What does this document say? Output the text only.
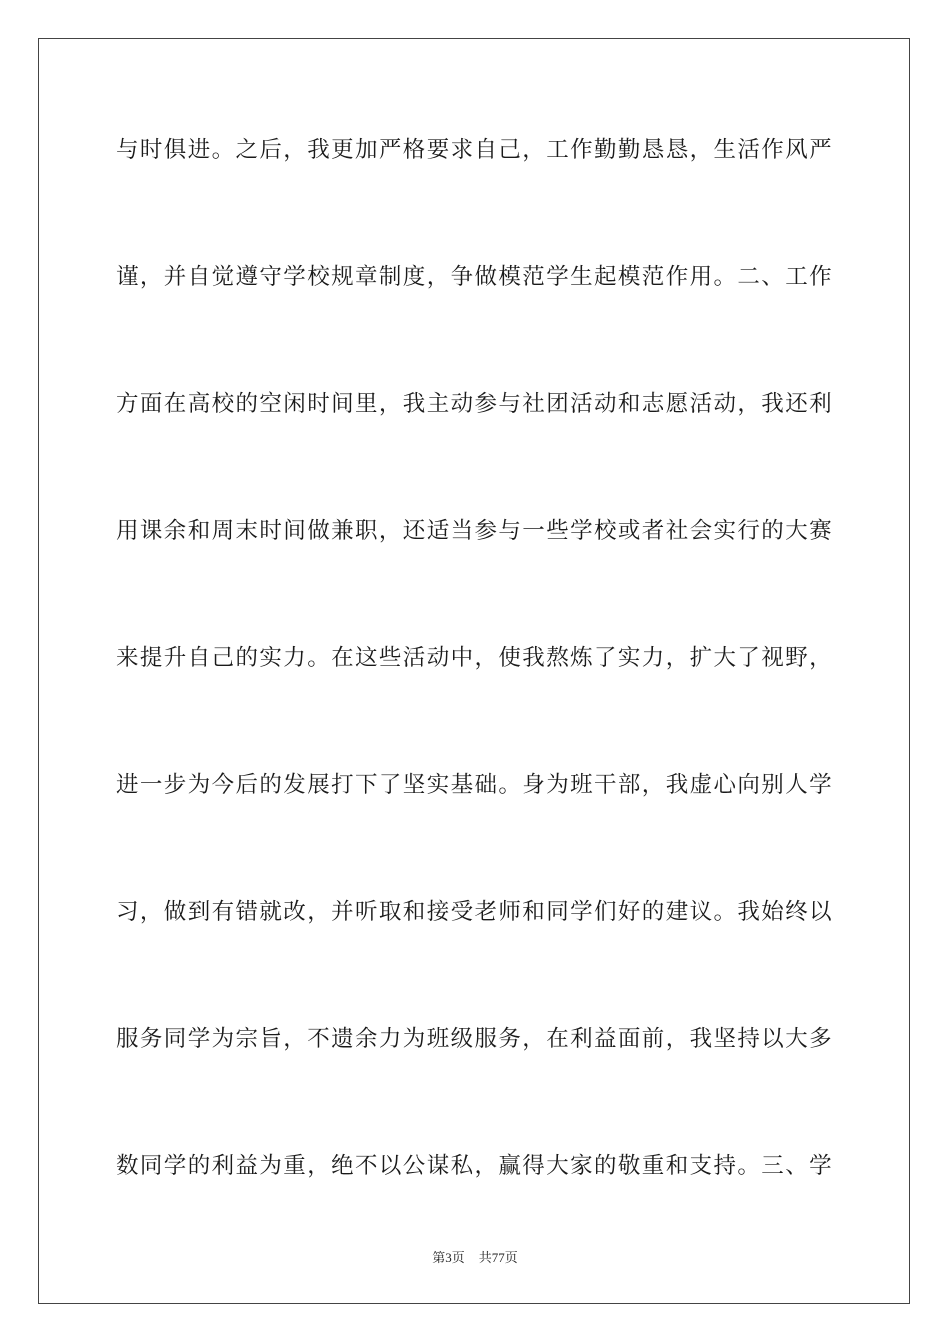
与时俱进。之后，我更加严格要求自己，工作勤勤恳恳，生活作风严
谨，并自觉遵守学校规章制度，争做模范学生起模范作用。二、工作
方面在高校的空闲时间里，我主动参与社团活动和志愿活动，我还利
用课余和周末时间做兼职，还适当参与一些学校或者社会实行的大赛
来提升自己的实力。在这些活动中，使我熬炼了实力，扩大了视野，
进一步为今后的发展打下了坚实基础。身为班干部，我虚心向别人学
习，做到有错就改，并听取和接受老师和同学们好的建议。我始终以
服务同学为宗旨，不遗余力为班级服务，在利益面前，我坚持以大多
数同学的利益为重，绝不以公谋私，赢得大家的敬重和支持。三、学
第3页 共77页
